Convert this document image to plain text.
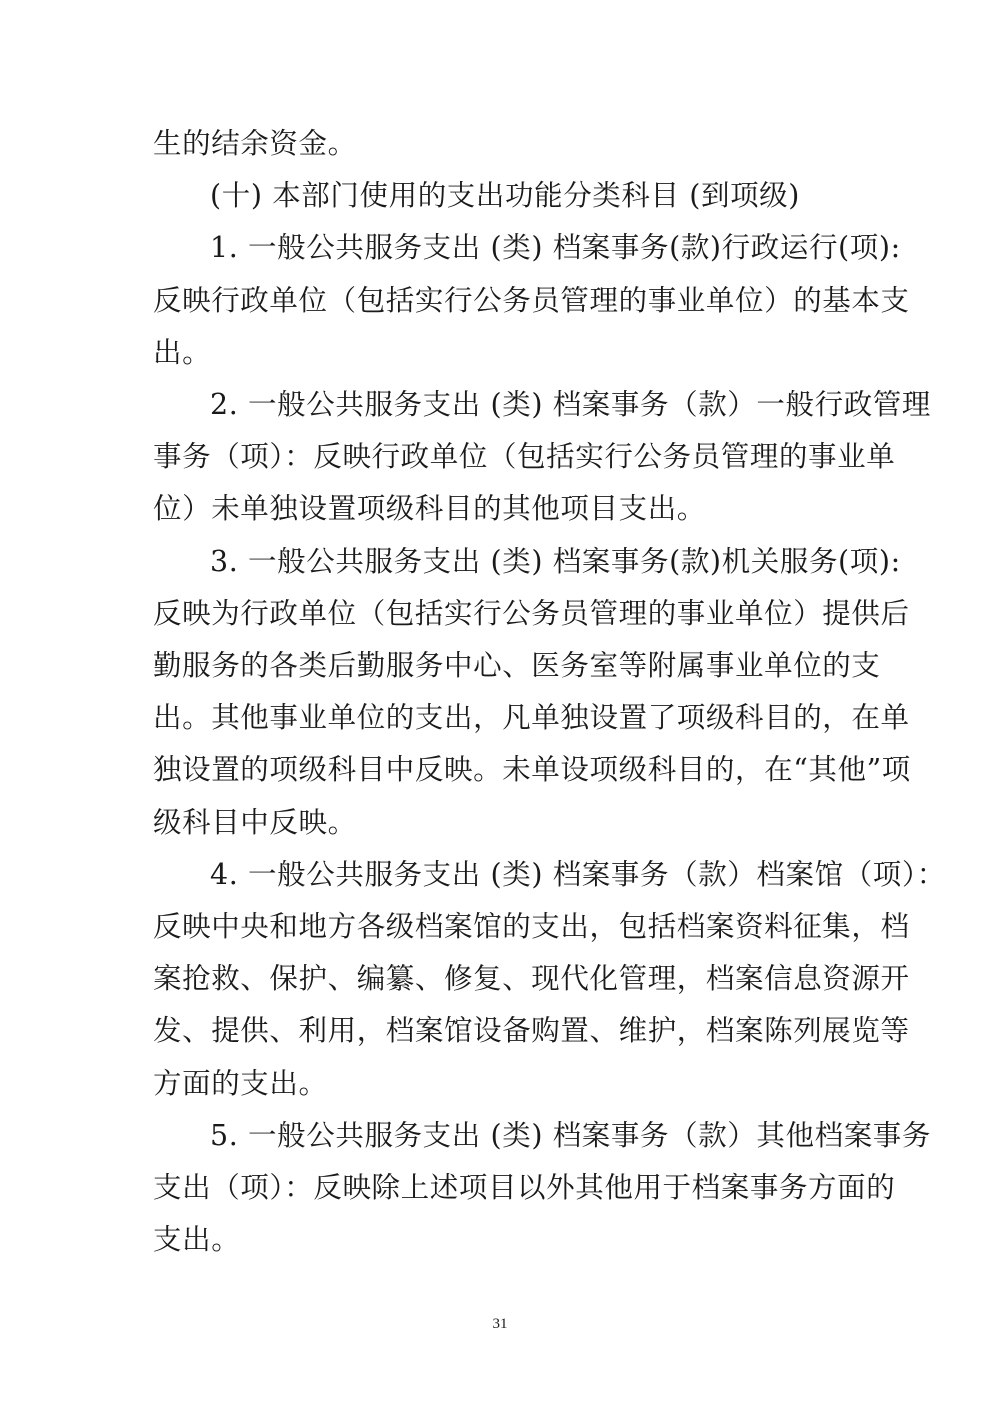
生的结余资金。
(十) 本部门使用的支出功能分类科目 (到项级)
1. 一般公共服务支出 (类) 档案事务(款)行政运行(项):
反映行政单位（包括实行公务员管理的事业单位）的基本支
出。
2. 一般公共服务支出 (类) 档案事务（款）一般行政管理
事务（项）：反映行政单位（包括实行公务员管理的事业单
位）未单独设置项级科目的其他项目支出。
3. 一般公共服务支出 (类) 档案事务(款)机关服务(项):
反映为行政单位（包括实行公务员管理的事业单位）提供后
勤服务的各类后勤服务中心、医务室等附属事业单位的支
出。其他事业单位的支出，凡单独设置了项级科目的，在单
独设置的项级科目中反映。未单设项级科目的，在“其他”项
级科目中反映。
4. 一般公共服务支出 (类) 档案事务（款）档案馆（项）：
反映中央和地方各级档案馆的支出，包括档案资料征集，档
案抢救、保护、编纂、修复、现代化管理，档案信息资源开
发、提供、利用，档案馆设备购置、维护，档案陈列展览等
方面的支出。
5. 一般公共服务支出 (类) 档案事务（款）其他档案事务
支出（项）：反映除上述项目以外其他用于档案事务方面的
支出。
31
